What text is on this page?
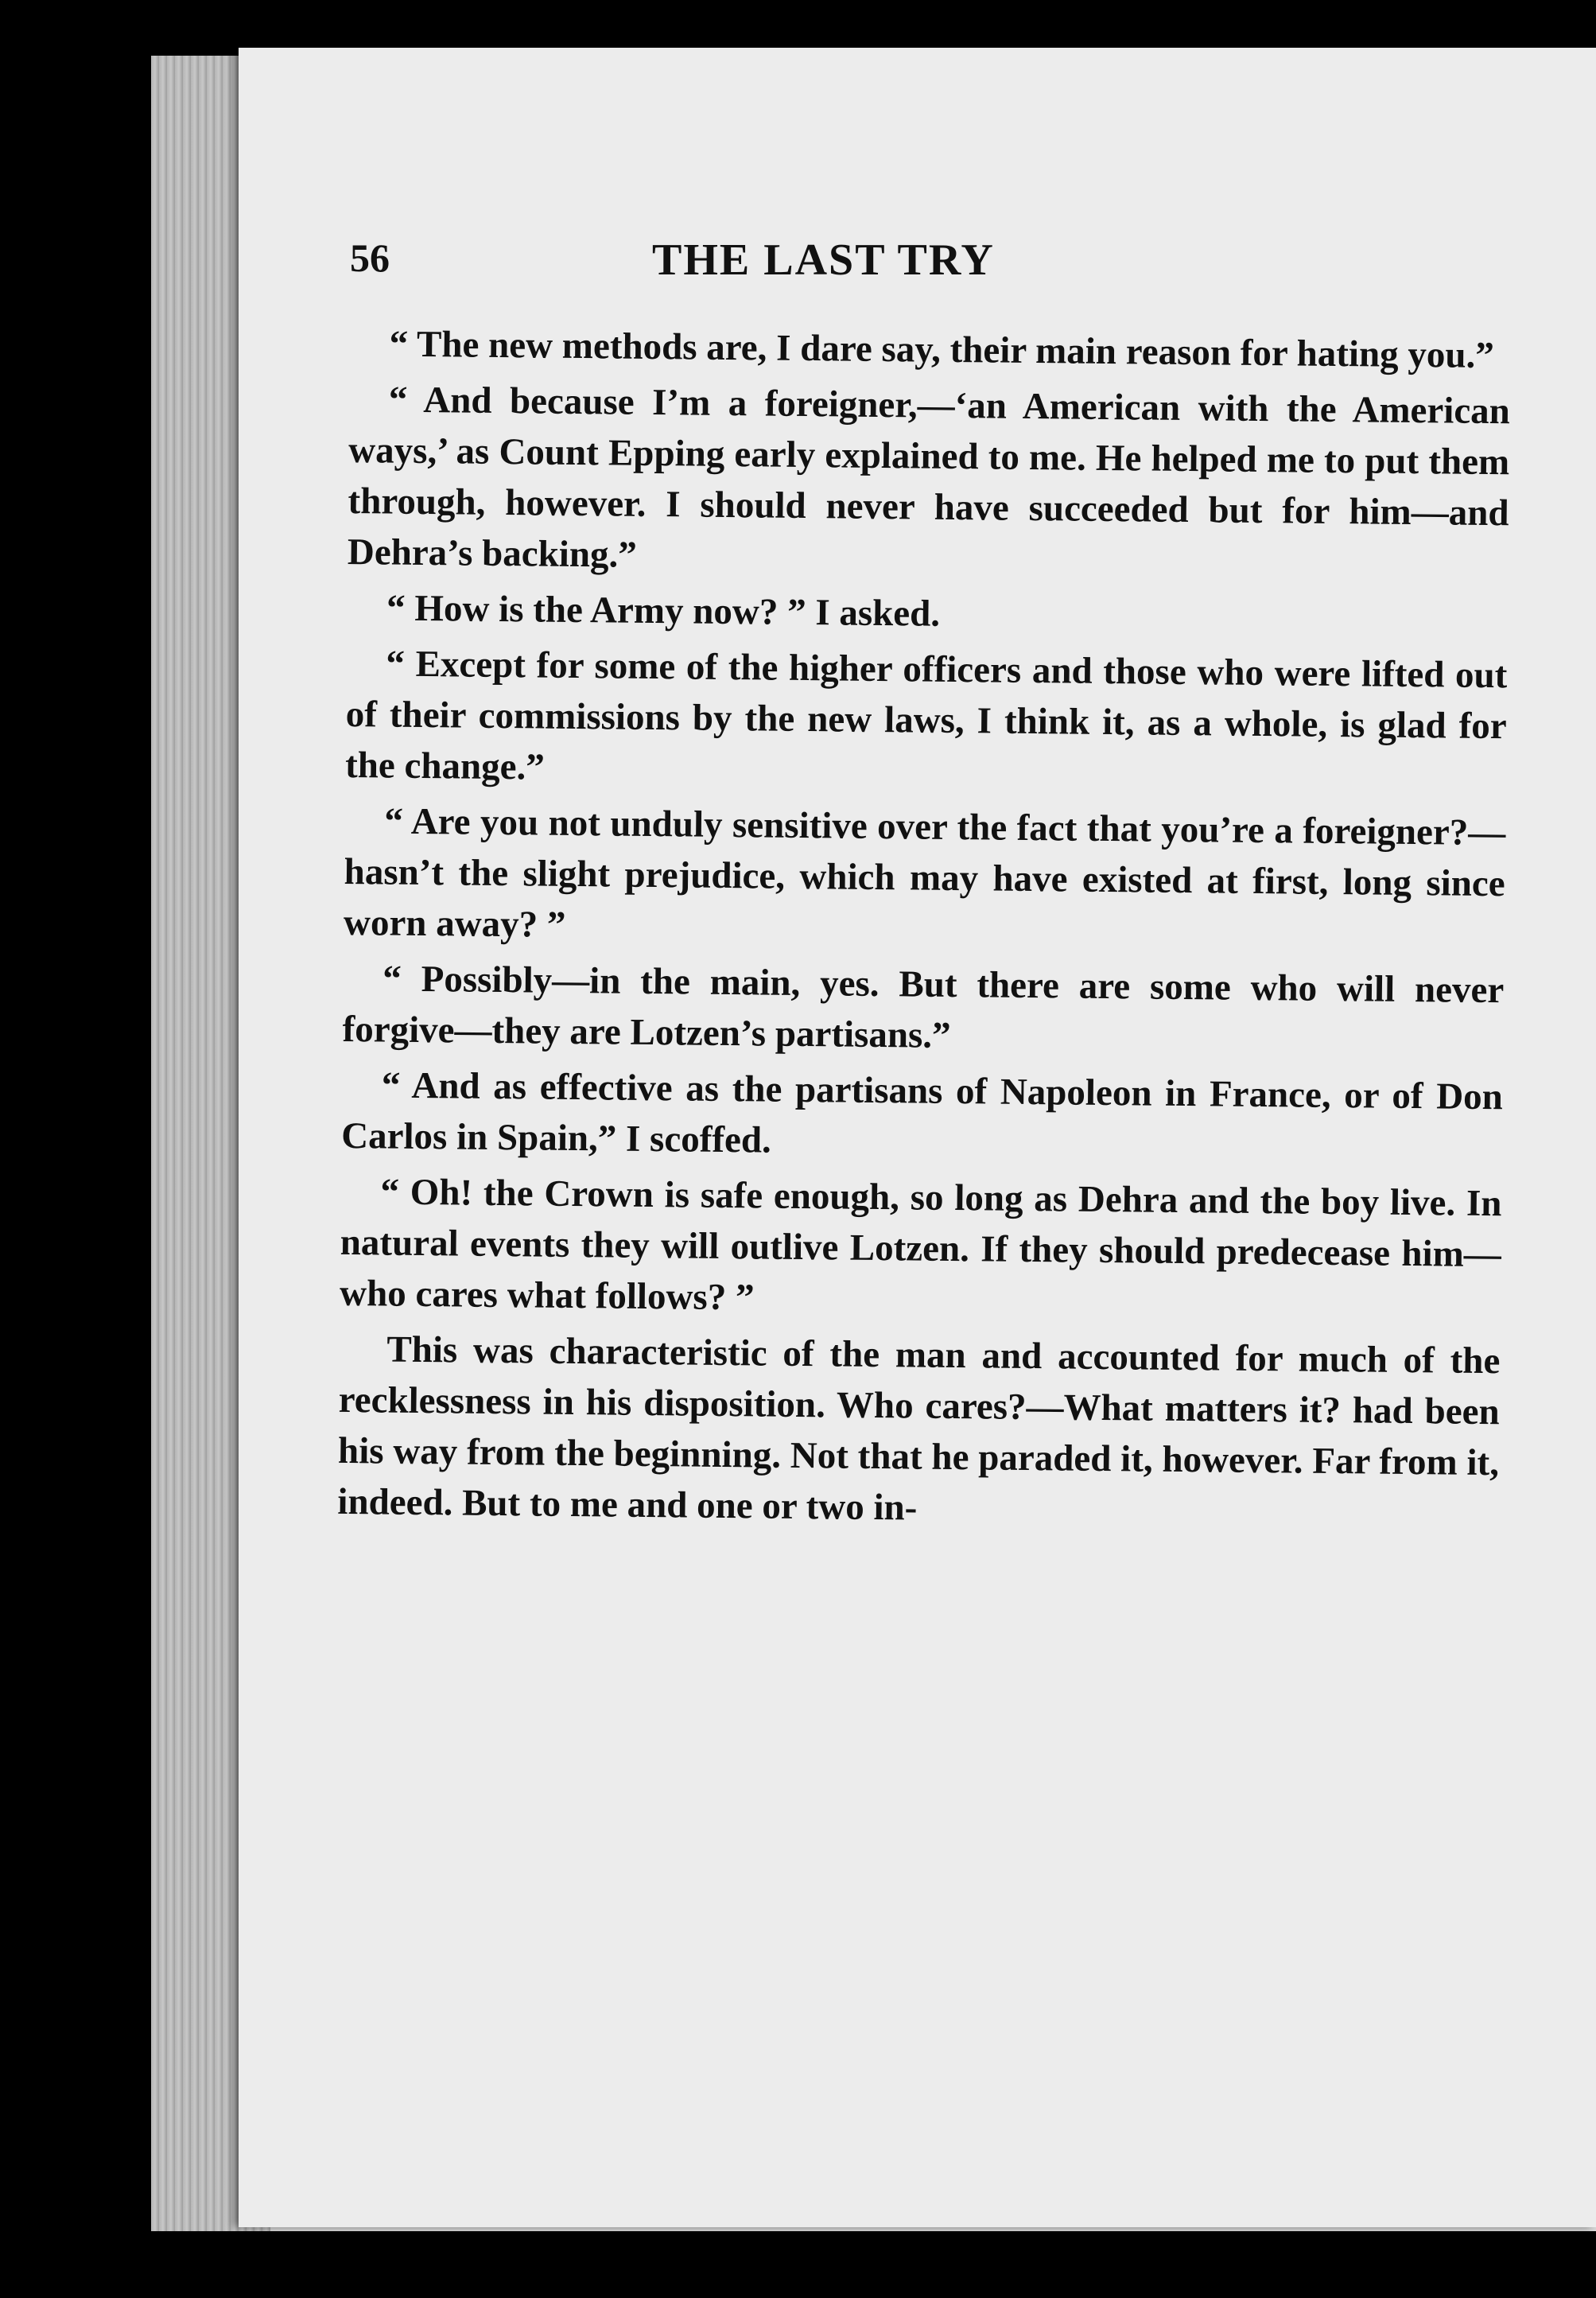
56	THE LAST TRY

“ The new methods are, I dare say, their main reason for hating you.”

“ And because I’m a foreigner,—‘an American with the American ways,’ as Count Epping early explained to me. He helped me to put them through, however. I should never have succeeded but for him—and Dehra’s backing.”

“ How is the Army now? ” I asked.

“ Except for some of the higher officers and those who were lifted out of their commissions by the new laws, I think it, as a whole, is glad for the change.”

“ Are you not unduly sensitive over the fact that you’re a foreigner?—hasn’t the slight prejudice, which may have existed at first, long since worn away? ”

“ Possibly—in the main, yes. But there are some who will never forgive—they are Lotzen’s partisans.”

“ And as effective as the partisans of Napoleon in France, or of Don Carlos in Spain,” I scoffed.

“ Oh! the Crown is safe enough, so long as Dehra and the boy live. In natural events they will outlive Lotzen. If they should predecease him—who cares what follows? ”

This was characteristic of the man and accounted for much of the recklessness in his disposition. Who cares?—What matters it? had been his way from the beginning. Not that he paraded it, however. Far from it, indeed. But to me and one or two in-
